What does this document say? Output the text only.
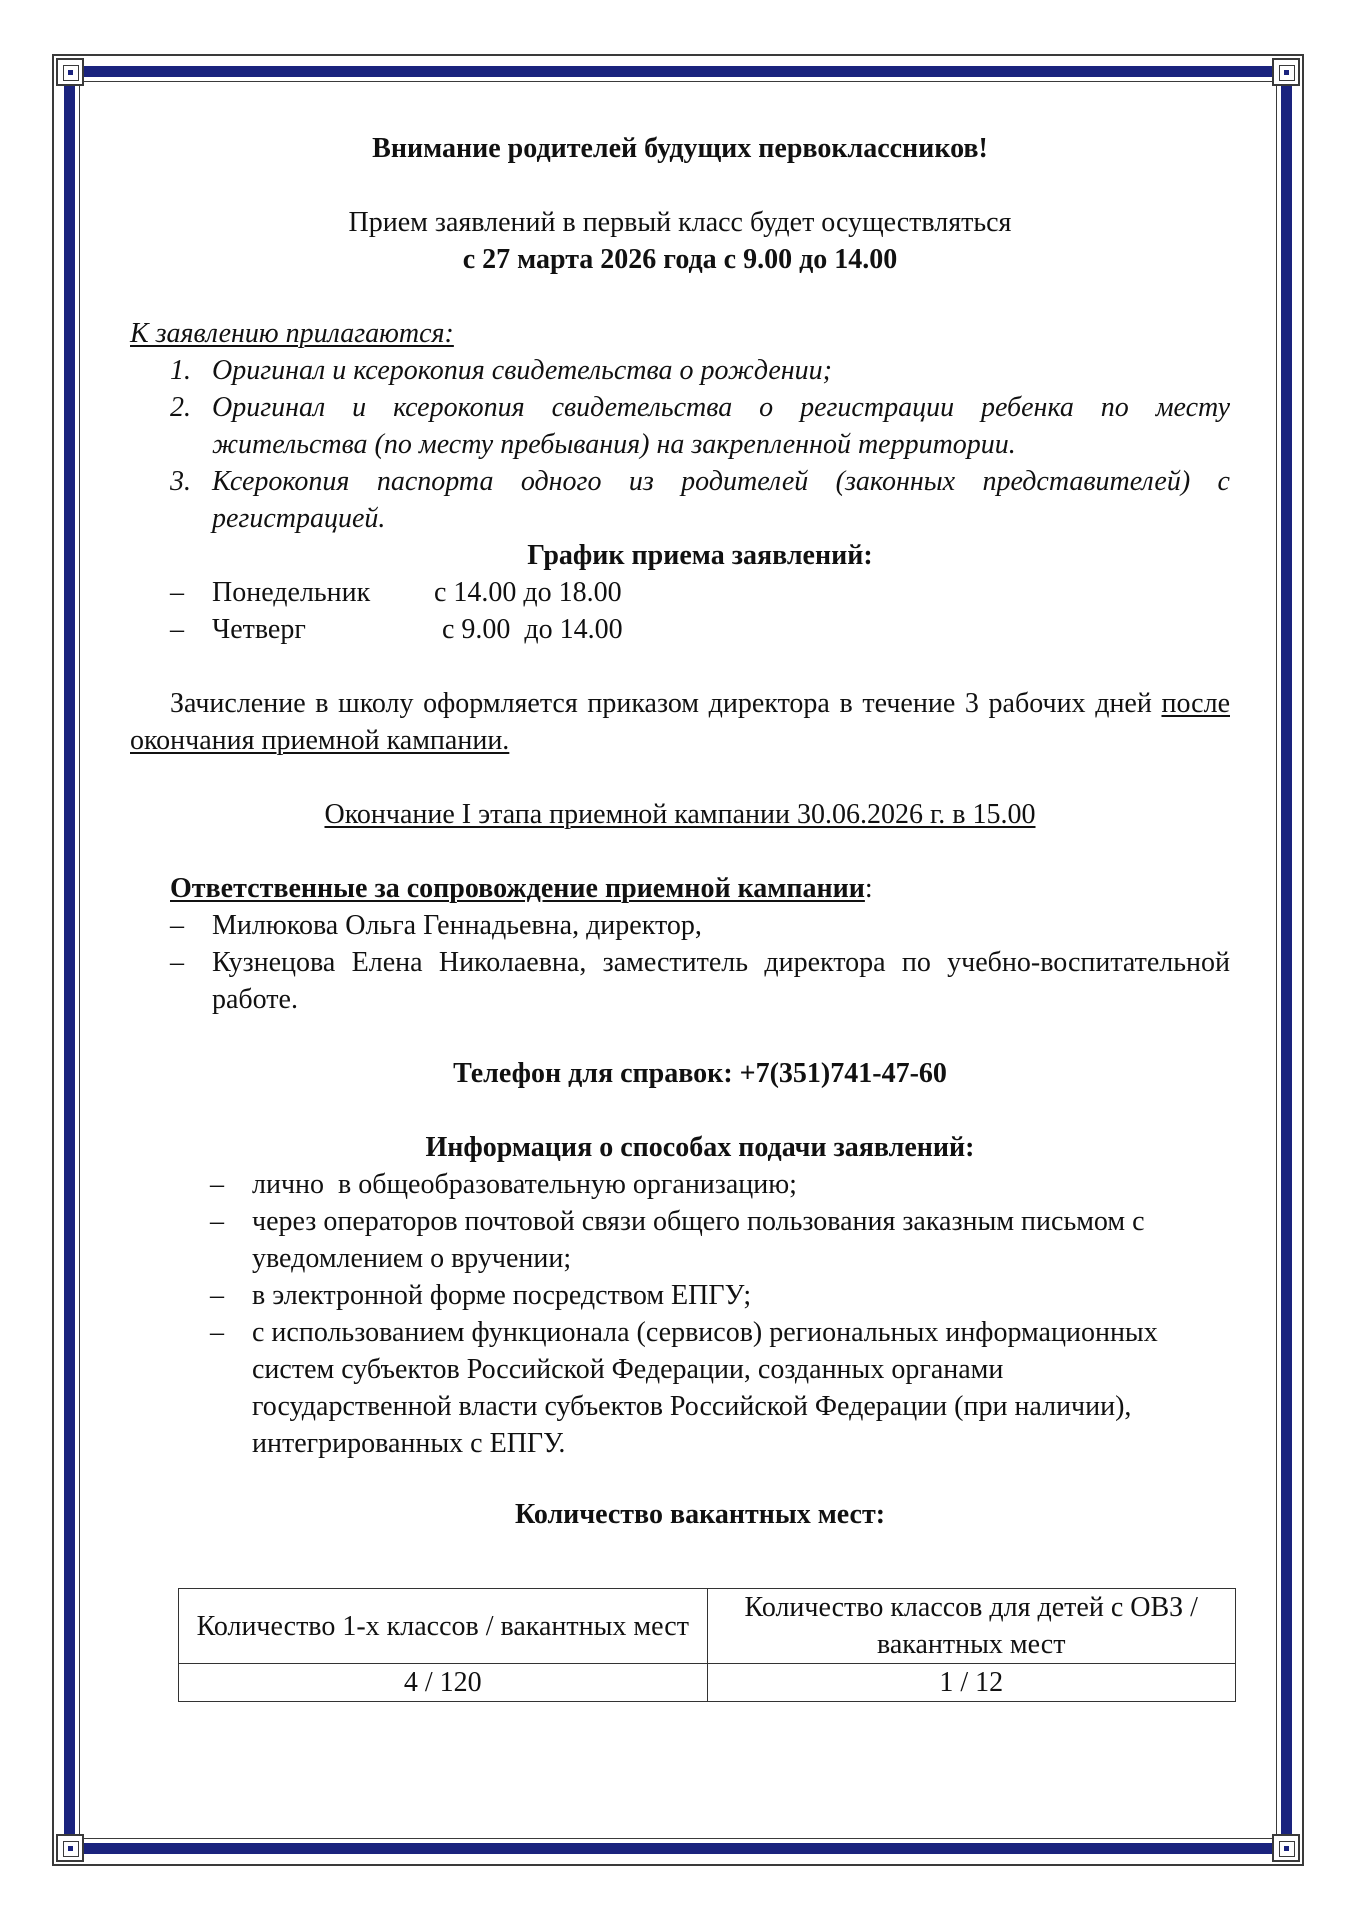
Внимание родителей будущих первоклассников!

Прием заявлений в первый класс будет осуществляться

с 27 марта 2026 года с 9.00 до 14.00

К заявлению прилагаются:

1. Оригинал и ксерокопия свидетельства о рождении;
2. Оригинал и ксерокопия свидетельства о регистрации ребенка по месту жительства (по месту пребывания) на закрепленной территории.
3. Ксерокопия паспорта одного из родителей (законных представителей) с регистрацией.

График приема заявлений:

– Понедельник с 14.00 до 18.00
– Четверг	с 9.00  до 14.00

Зачисление в школу оформляется приказом директора в течение 3 рабочих дней после окончания приемной кампании.

Окончание I этапа приемной кампании 30.06.2026 г. в 15.00

Ответственные за сопровождение приемной кампании:

– Милюкова Ольга Геннадьевна, директор,
– Кузнецова Елена Николаевна, заместитель директора по учебно-воспитательной работе.

Телефон для справок: +7(351)741-47-60

Информация о способах подачи заявлений:

– лично  в общеобразовательную организацию;
– через операторов почтовой связи общего пользования заказным письмом с уведомлением о вручении;
– в электронной форме посредством ЕПГУ;
– с использованием функционала (сервисов) региональных информационных систем субъектов Российской Федерации, созданных органами государственной власти субъектов Российской Федерации (при наличии), интегрированных с ЕПГУ.

Количество вакантных мест:

Количество 1-х классов / вакантных мест	Количество классов для детей с ОВЗ / вакантных мест
4 / 120	1 / 12
